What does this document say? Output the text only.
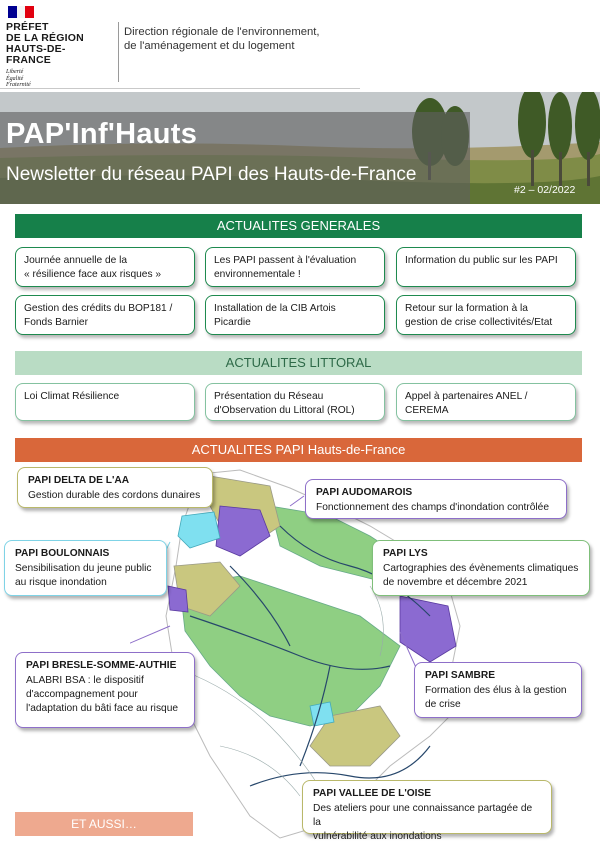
PRÉFET
DE LA RÉGION
HAUTS-DE-FRANCE
Liberté
Égalité
Fraternité
Direction régionale de l'environnement,
de l'aménagement et du logement
PAP'Inf'Hauts
Newsletter du réseau PAPI des Hauts-de-France
#2 – 02/2022
ACTUALITES GENERALES
Journée annuelle de la
« résilience face aux risques »
Les PAPI passent à l'évaluation
environnementale !
Information du public sur les PAPI
Gestion des crédits du BOP181 /
Fonds Barnier
Installation de la CIB Artois
Picardie
Retour sur la formation à la
gestion de crise collectivités/Etat
ACTUALITES LITTORAL
Loi Climat Résilience	Présentation du Réseau
d'Observation du Littoral (ROL)
Appel à partenaires ANEL /
CEREMA
ACTUALITES PAPI Hauts-de-France
PAPI DELTA DE L'AA
Gestion durable des cordons dunaires	PAPI AUDOMAROIS
Fonctionnement des champs d'inondation contrôlée
PAPI BOULONNAIS
Sensibilisation du jeune public
au risque inondation
PAPI LYS
Cartographies des évènements climatiques
de novembre et décembre 2021
PAPI BRESLE-SOMME-AUTHIE
ALABRI BSA : le dispositif
d'accompagnement pour
l'adaptation du bâti face au risque
PAPI SAMBRE
Formation des élus à la gestion
de crise
PAPI VALLEE DE L'OISE
Des ateliers pour une connaissance partagée de la
vulnérabilité aux inondations
ET AUSSI…
